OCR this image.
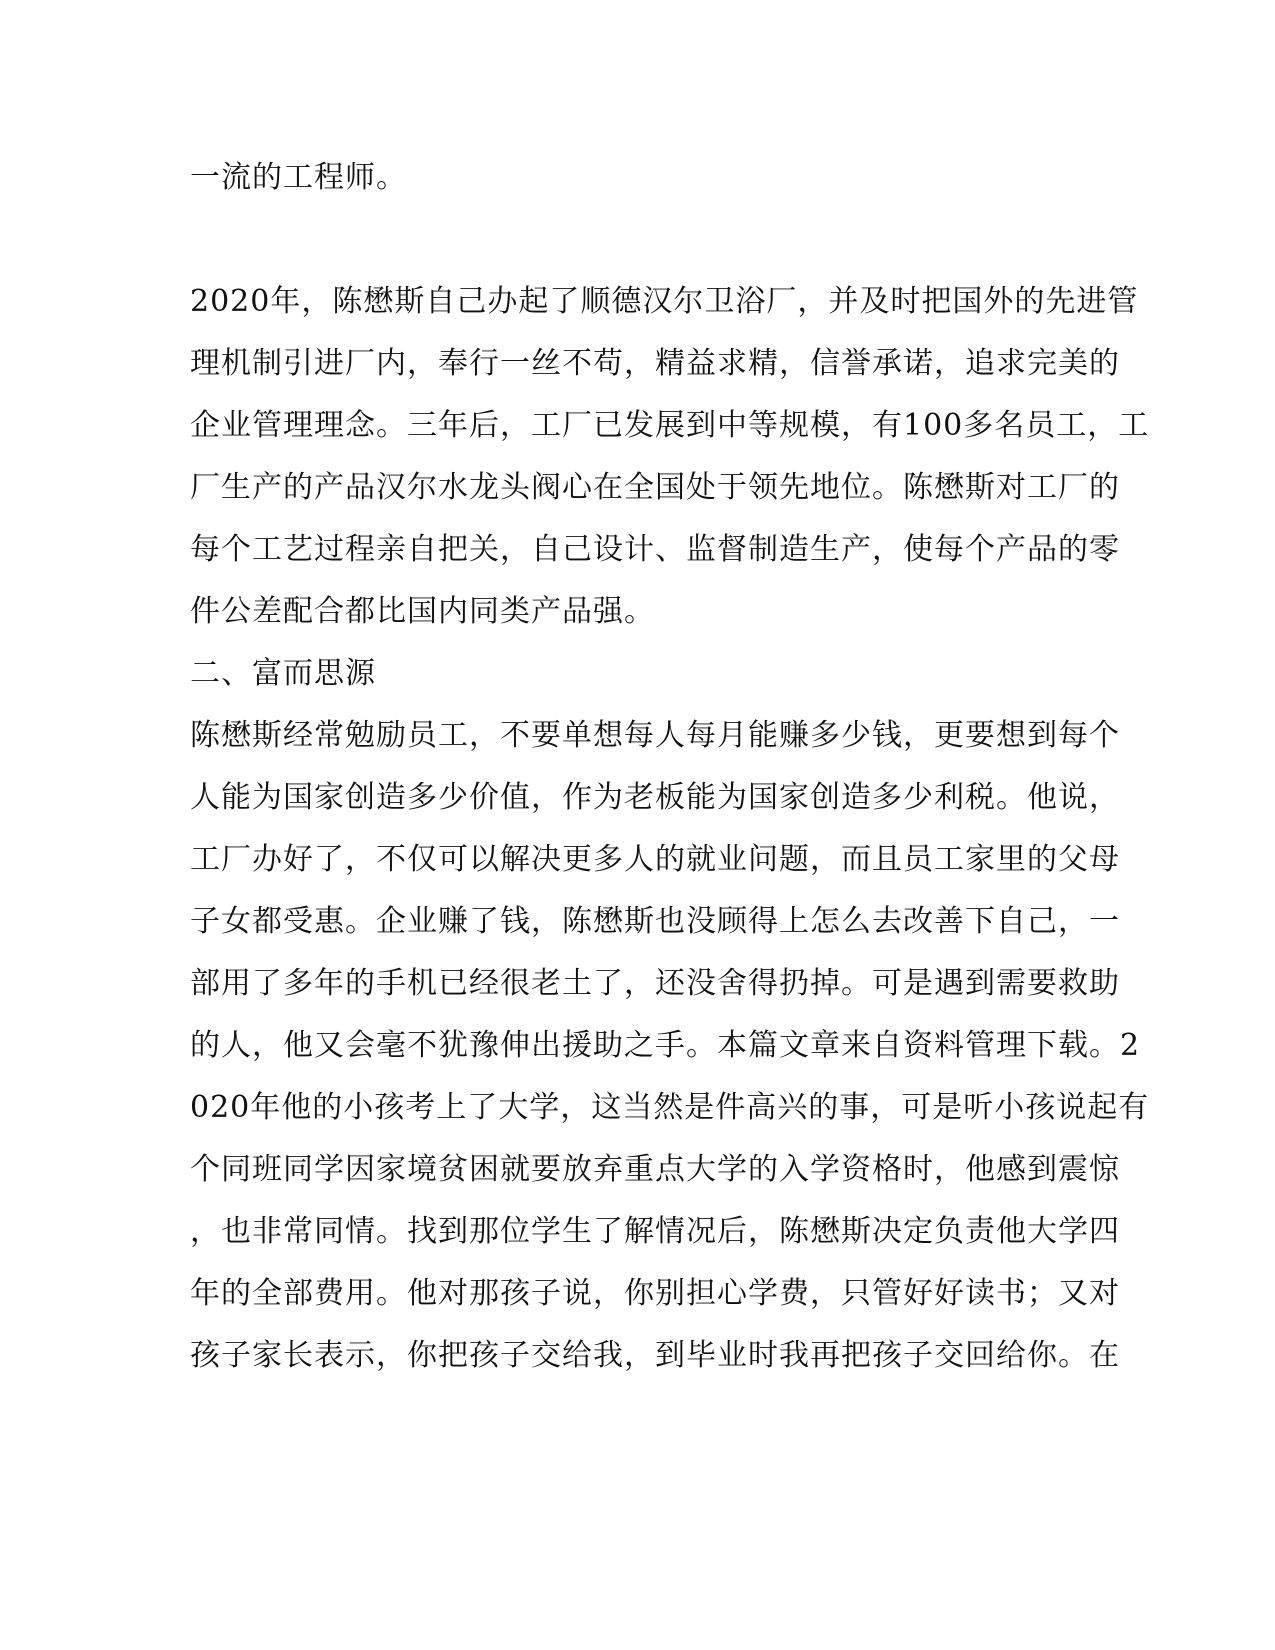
一流的工程师。
2020年，陈懋斯自己办起了顺德汉尔卫浴厂，并及时把国外的先进管
理机制引进厂内，奉行一丝不苟，精益求精，信誉承诺，追求完美的
企业管理理念。三年后，工厂已发展到中等规模，有100多名员工，工
厂生产的产品汉尔水龙头阀心在全国处于领先地位。陈懋斯对工厂的
每个工艺过程亲自把关，自己设计、监督制造生产，使每个产品的零
件公差配合都比国内同类产品强。
二、富而思源
陈懋斯经常勉励员工，不要单想每人每月能赚多少钱，更要想到每个
人能为国家创造多少价值，作为老板能为国家创造多少利税。他说，
工厂办好了，不仅可以解决更多人的就业问题，而且员工家里的父母
子女都受惠。企业赚了钱，陈懋斯也没顾得上怎么去改善下自己，一
部用了多年的手机已经很老土了，还没舍得扔掉。可是遇到需要救助
的人，他又会毫不犹豫伸出援助之手。本篇文章来自资料管理下载。2
020年他的小孩考上了大学，这当然是件高兴的事，可是听小孩说起有
个同班同学因家境贫困就要放弃重点大学的入学资格时，他感到震惊
，也非常同情。找到那位学生了解情况后，陈懋斯决定负责他大学四
年的全部费用。他对那孩子说，你别担心学费，只管好好读书；又对
孩子家长表示，你把孩子交给我，到毕业时我再把孩子交回给你。在
